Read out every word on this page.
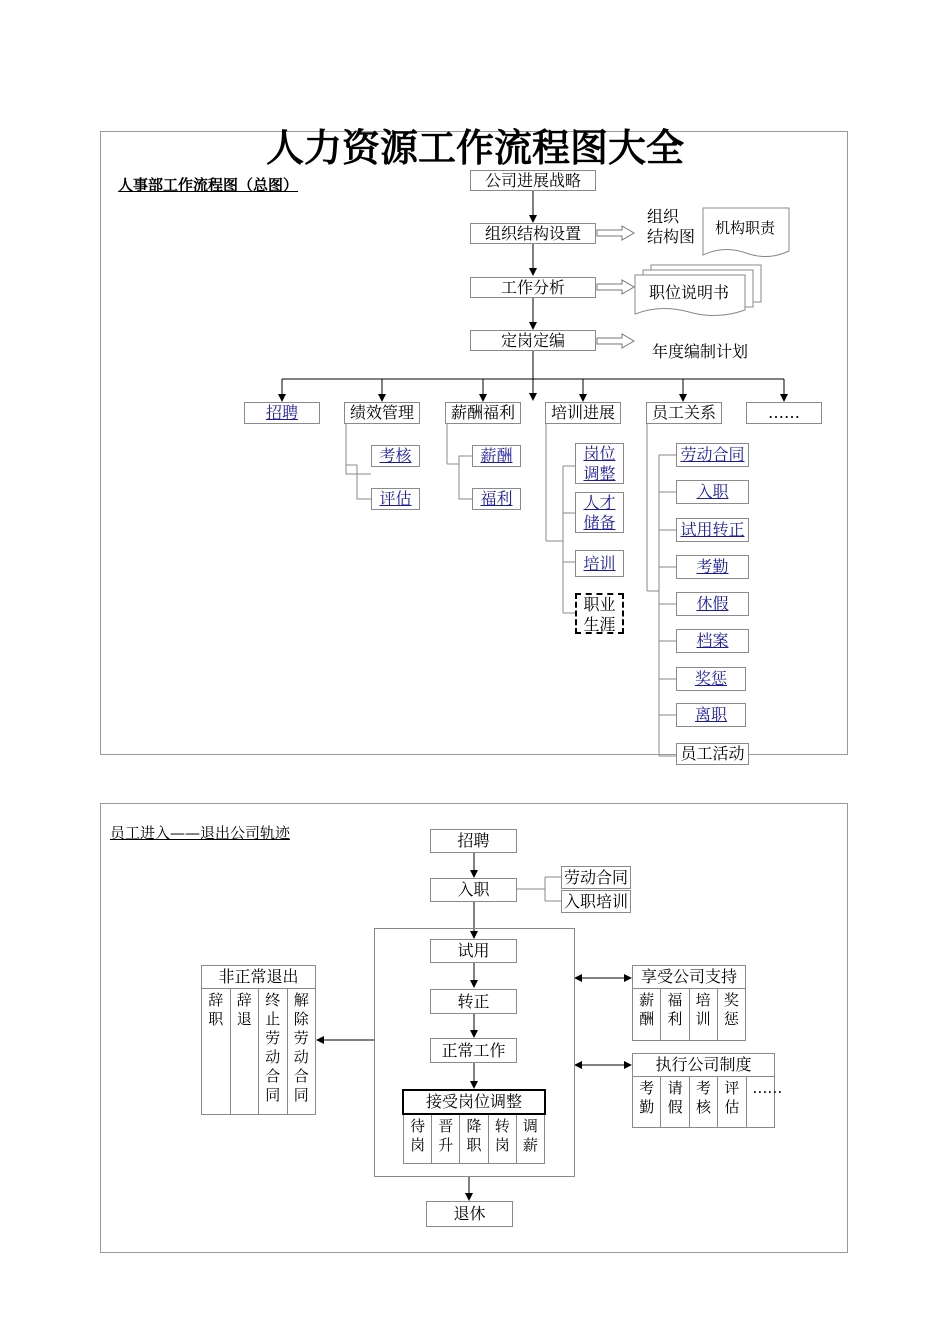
人力资源工作流程图大全
人事部工作流程图（总图）	公司进展战略
组织结构设置
工作分析
定岗定编
组织
结构图 机构职责
职位说明书
年度编制计划
招聘	绩效管理	薪酬福利	培训进展	员工关系	……
考核
评估
薪酬
福利
岗位
调整
人才
储备
培训
职业
生涯
劳动合同
入职
试用转正
考勤
休假
档案
奖惩
离职
员工活动
员工进入——退出公司轨迹	招聘
入职
劳动合同
入职培训
试用
转正
正常工作
接受岗位调整
待岗
晋升
降职
转岗
调薪
退休
非正常退出
辞职
辞退
终止劳动合同
解除劳动合同
享受公司支持
薪酬
福利
培训
奖惩
执行公司制度
考勤
请假
考核
评估
……
